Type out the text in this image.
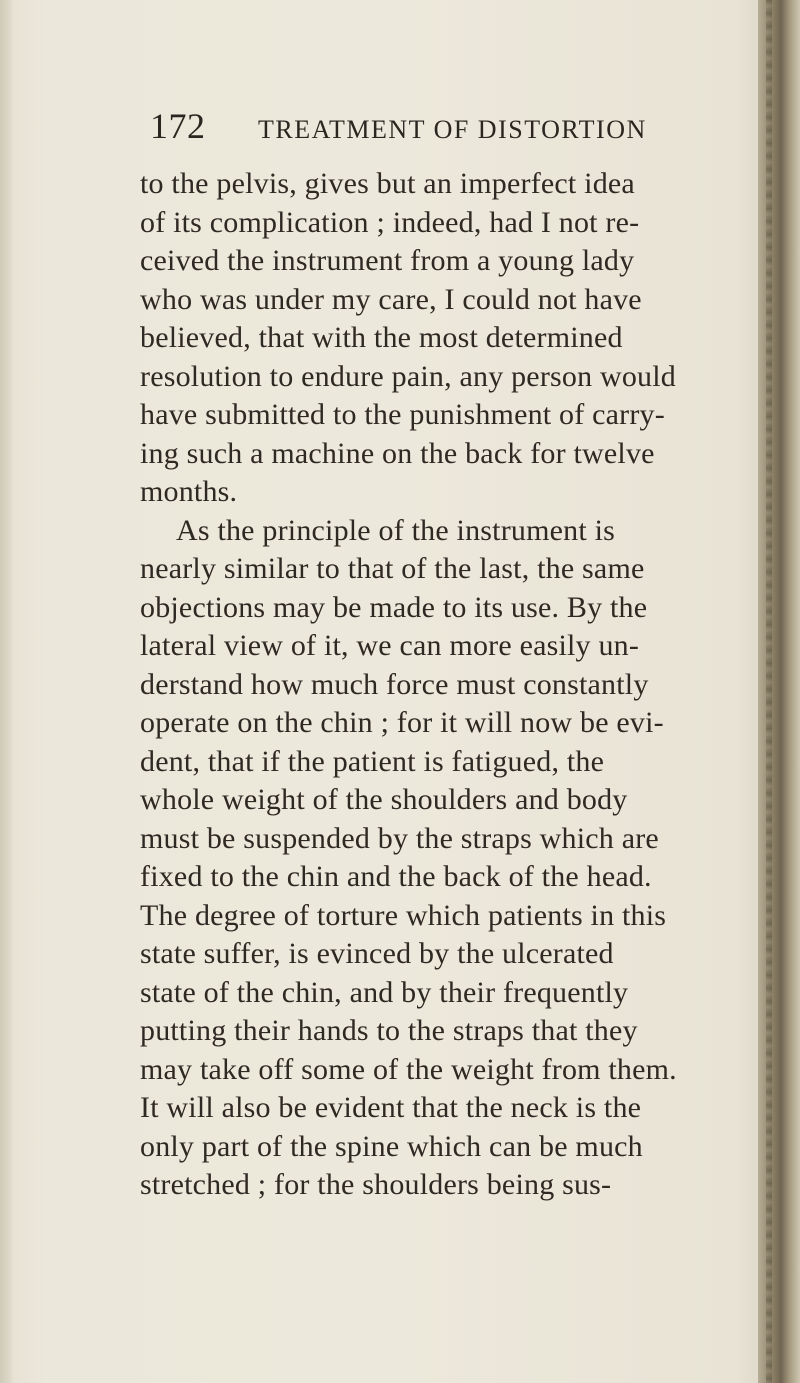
172 TREATMENT OF DISTORTION
to the pelvis, gives but an imperfect idea
of its complication ; indeed, had I not re-
ceived the instrument from a young lady
who was under my care, I could not have
believed, that with the most determined
resolution to endure pain, any person would
have submitted to the punishment of carry-
ing such a machine on the back for twelve
months.
As the principle of the instrument is
nearly similar to that of the last, the same
objections may be made to its use. By the
lateral view of it, we can more easily un-
derstand how much force must constantly
operate on the chin ; for it will now be evi-
dent, that if the patient is fatigued, the
whole weight of the shoulders and body
must be suspended by the straps which are
fixed to the chin and the back of the head.
The degree of torture which patients in this
state suffer, is evinced by the ulcerated
state of the chin, and by their frequently
putting their hands to the straps that they
may take off some of the weight from them.
It will also be evident that the neck is the
only part of the spine which can be much
stretched ; for the shoulders being sus-
